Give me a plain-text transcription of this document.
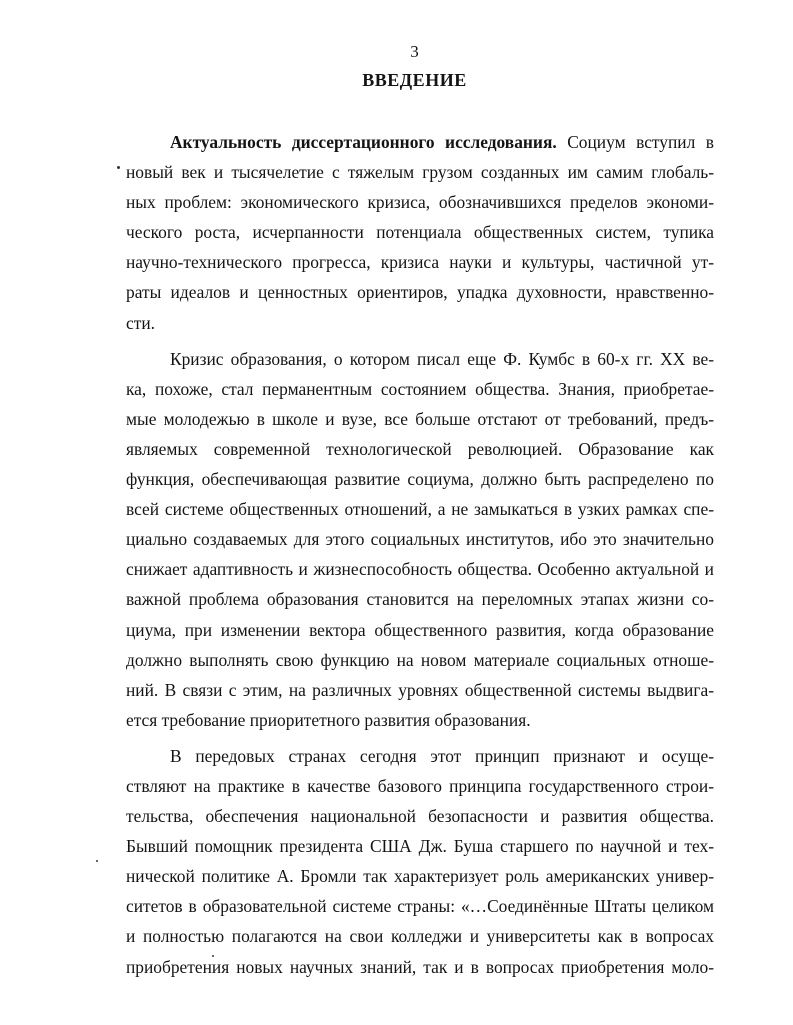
3
ВВЕДЕНИЕ
Актуальность диссертационного исследования. Социум вступил в
новый век и тысячелетие с тяжелым грузом созданных им самим глобаль-
ных проблем: экономического кризиса, обозначившихся пределов экономи-
ческого роста, исчерпанности потенциала общественных систем, тупика
научно-технического прогресса, кризиса науки и культуры, частичной ут-
раты идеалов и ценностных ориентиров, упадка духовности, нравственно-
сти.
Кризис образования, о котором писал еще Ф. Кумбс в 60-х гг. XX ве-
ка, похоже, стал перманентным состоянием общества. Знания, приобретае-
мые молодежью в школе и вузе, все больше отстают от требований, предъ-
являемых современной технологической революцией. Образование как
функция, обеспечивающая развитие социума, должно быть распределено по
всей системе общественных отношений, а не замыкаться в узких рамках спе-
циально создаваемых для этого социальных институтов, ибо это значительно
снижает адаптивность и жизнеспособность общества. Особенно актуальной и
важной проблема образования становится на переломных этапах жизни со-
циума, при изменении вектора общественного развития, когда образование
должно выполнять свою функцию на новом материале социальных отноше-
ний. В связи с этим, на различных уровнях общественной системы выдвига-
ется требование приоритетного развития образования.
В передовых странах сегодня этот принцип признают и осуще-
ствляют на практике в качестве базового принципа государственного строи-
тельства, обеспечения национальной безопасности и развития общества.
Бывший помощник президента США Дж. Буша старшего по научной и тех-
нической политике А. Бромли так характеризует роль американских универ-
ситетов в образовательной системе страны: «…Соединённые Штаты целиком
и полностью полагаются на свои колледжи и университеты как в вопросах
приобретения новых научных знаний, так и в вопросах приобретения моло-
